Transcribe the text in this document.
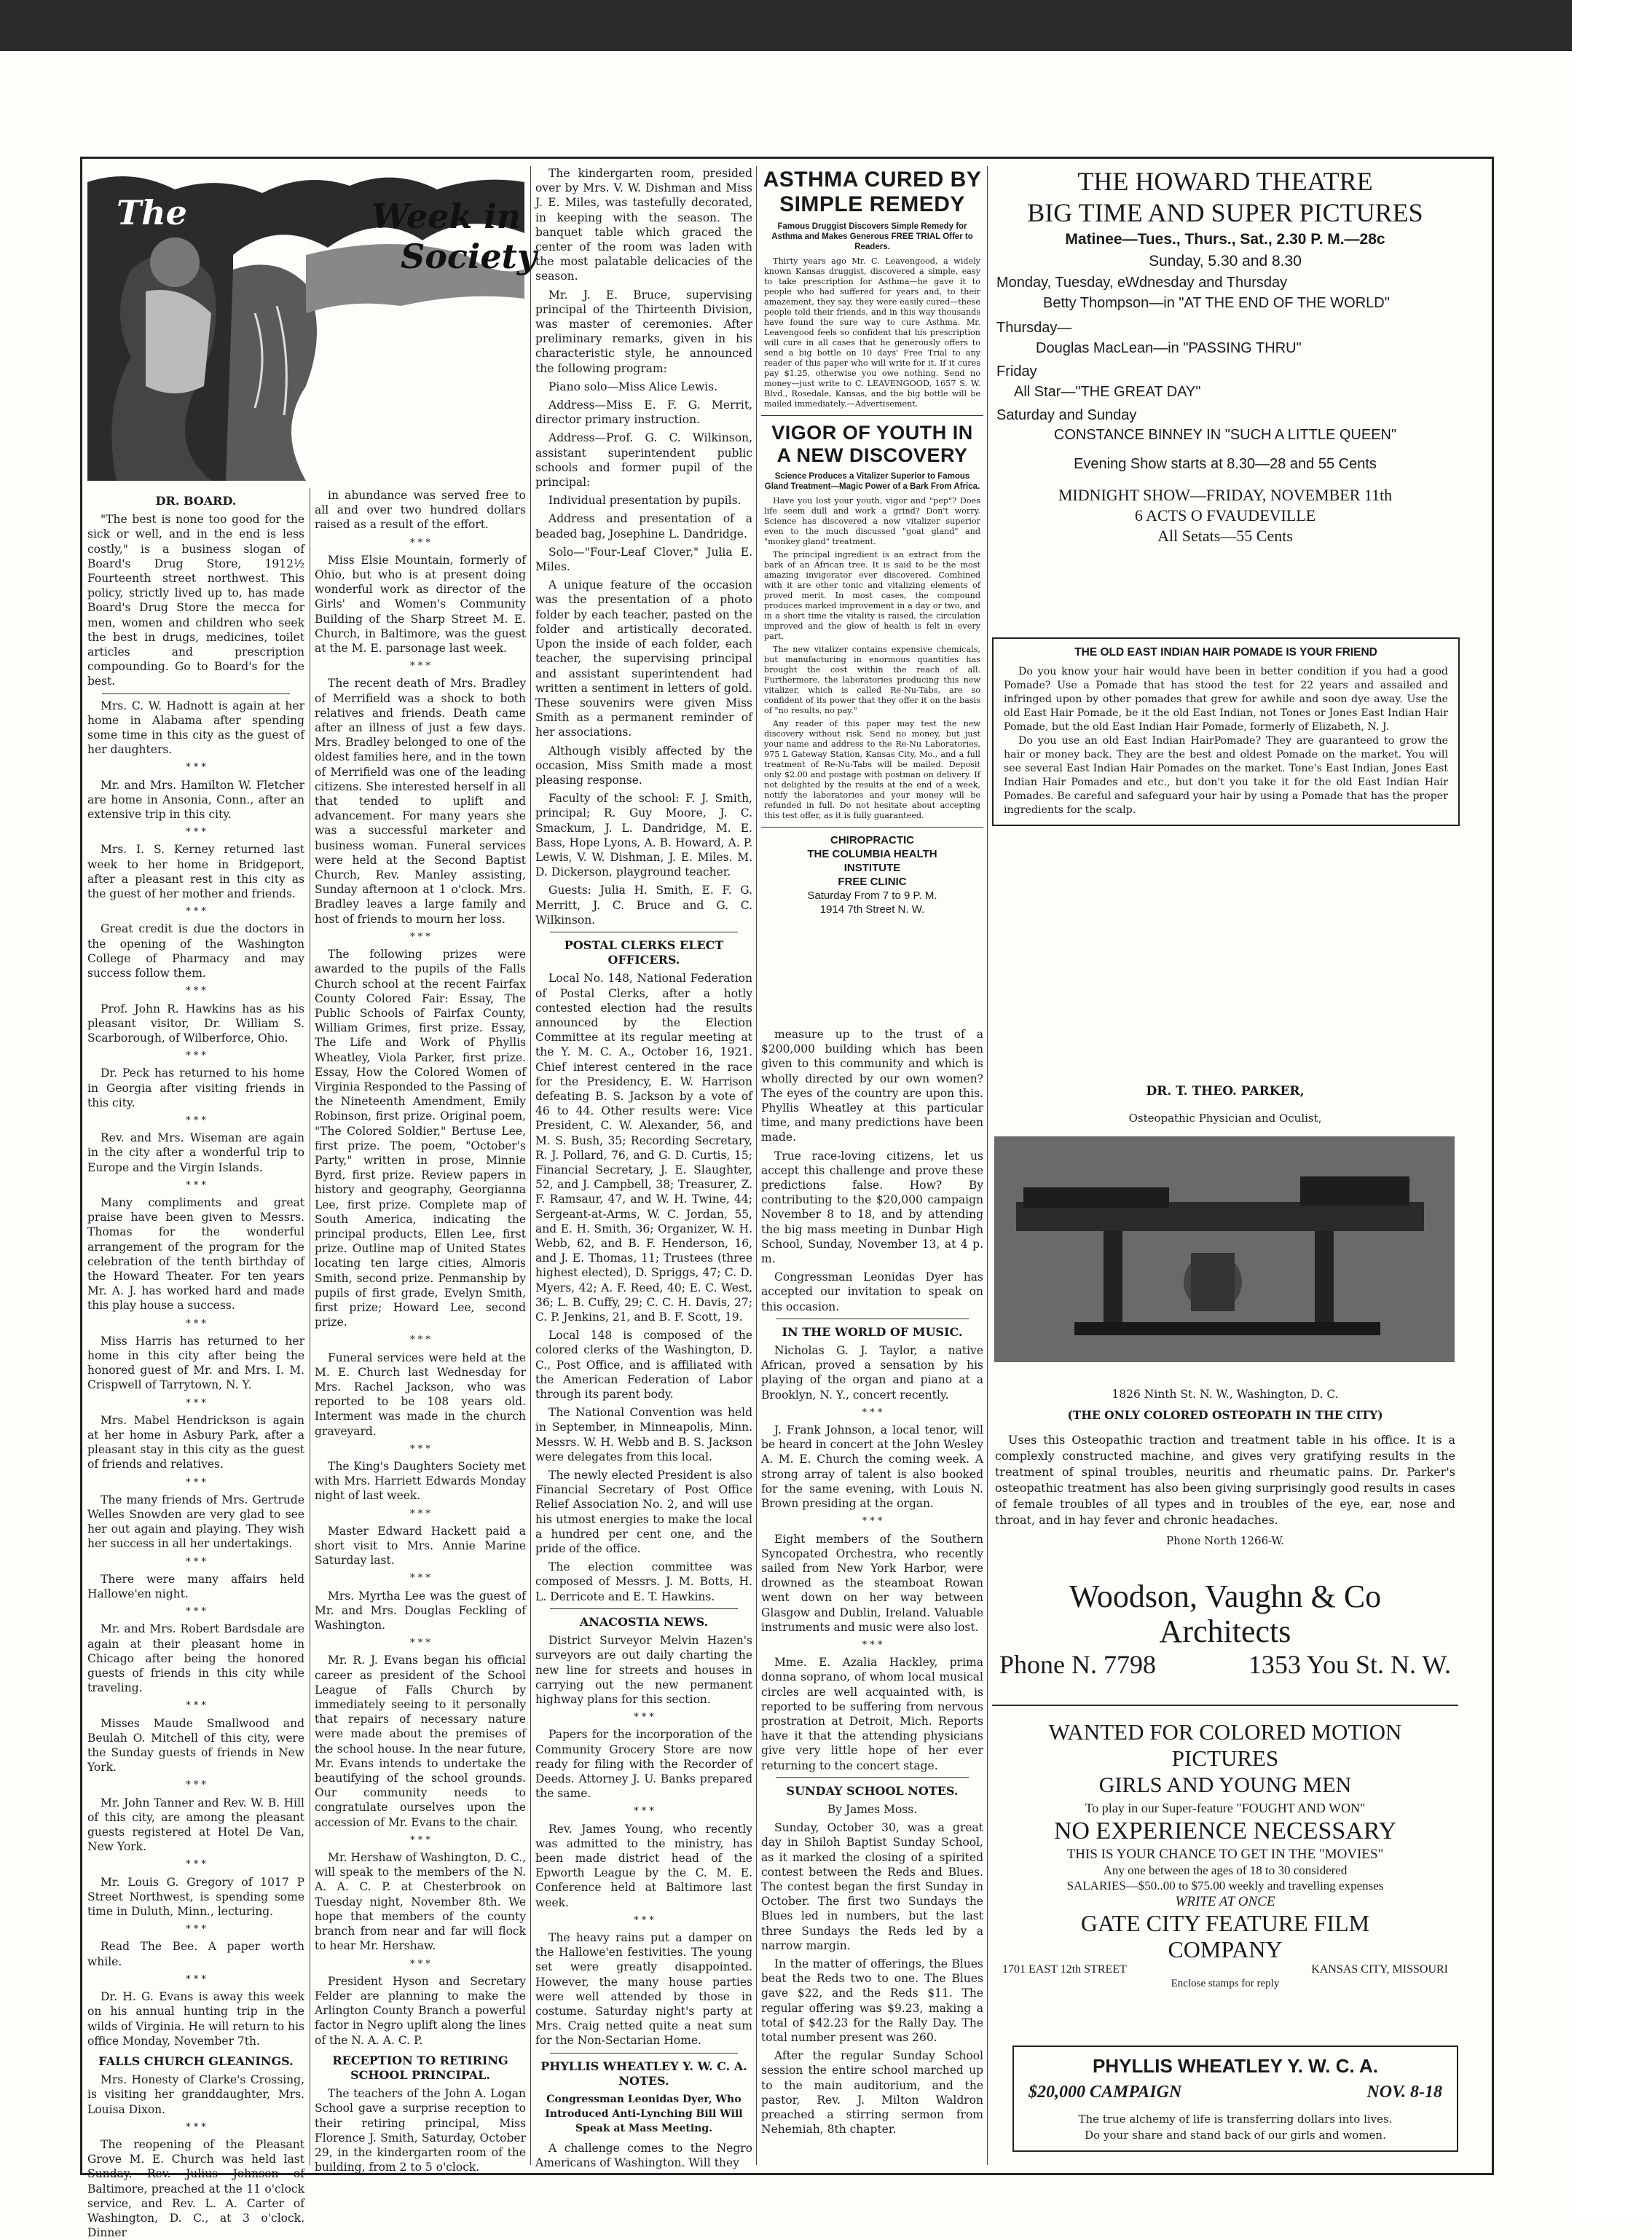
The	Week in
Society
DR. BOARD.

"The best is none too good for the sick or well, and in the end is less costly," is a business slogan of Board's Drug Store, 1912½ Fourteenth street northwest. This policy, strictly lived up to, has made Board's Drug Store the mecca for men, women and children who seek the best in drugs, medicines, toilet articles and prescription compounding. Go to Board's for the best.

Mrs. C. W. Hadnott is again at her home in Alabama after spending some time in this city as the guest of her daughters.

* * *

Mr. and Mrs. Hamilton W. Fletcher are home in Ansonia, Conn., after an extensive trip in this city.

* * *

Mrs. I. S. Kerney returned last week to her home in Bridgeport, after a pleasant rest in this city as the guest of her mother and friends.

* * *

Great credit is due the doctors in the opening of the Washington College of Pharmacy and may success follow them.

* * *

Prof. John R. Hawkins has as his pleasant visitor, Dr. William S. Scarborough, of Wilberforce, Ohio.

* * *

Dr. Peck has returned to his home in Georgia after visiting friends in this city.

* * *

Rev. and Mrs. Wiseman are again in the city after a wonderful trip to Europe and the Virgin Islands.

* * *

Many compliments and great praise have been given to Messrs. Thomas for the wonderful arrangement of the program for the celebration of the tenth birthday of the Howard Theater. For ten years Mr. A. J. has worked hard and made this play house a success.

* * *

Miss Harris has returned to her home in this city after being the honored guest of Mr. and Mrs. I. M. Crispwell of Tarrytown, N. Y.

* * *

Mrs. Mabel Hendrickson is again at her home in Asbury Park, after a pleasant stay in this city as the guest of friends and relatives.

* * *

The many friends of Mrs. Gertrude Welles Snowden are very glad to see her out again and playing. They wish her success in all her undertakings.

* * *

There were many affairs held Hallowe'en night.

* * *

Mr. and Mrs. Robert Bardsdale are again at their pleasant home in Chicago after being the honored guests of friends in this city while traveling.

* * *

Misses Maude Smallwood and Beulah O. Mitchell of this city, were the Sunday guests of friends in New York.

* * *

Mr. John Tanner and Rev. W. B. Hill of this city, are among the pleasant guests registered at Hotel De Van, New York.

* * *

Mr. Louis G. Gregory of 1017 P Street Northwest, is spending some time in Duluth, Minn., lecturing.

* * *

Read The Bee. A paper worth while.

* * *

Dr. H. G. Evans is away this week on his annual hunting trip in the wilds of Virginia. He will return to his office Monday, November 7th.

FALLS CHURCH GLEANINGS.

Mrs. Honesty of Clarke's Crossing, is visiting her granddaughter, Mrs. Louisa Dixon.

* * *

The reopening of the Pleasant Grove M. E. Church was held last Sunday. Rev. Julius Johnson of Baltimore, preached at the 11 o'clock service, and Rev. L. A. Carter of Washington, D. C., at 3 o'clock. Dinner

in abundance was served free to all and over two hundred dollars raised as a result of the effort.

* * *

Miss Elsie Mountain, formerly of Ohio, but who is at present doing wonderful work as director of the Girls' and Women's Community Building of the Sharp Street M. E. Church, in Baltimore, was the guest at the M. E. parsonage last week.

* * *

The recent death of Mrs. Bradley of Merrifield was a shock to both relatives and friends. Death came after an illness of just a few days. Mrs. Bradley belonged to one of the oldest families here, and in the town of Merrifield was one of the leading citizens. She interested herself in all that tended to uplift and advancement. For many years she was a successful marketer and business woman. Funeral services were held at the Second Baptist Church, Rev. Manley assisting, Sunday afternoon at 1 o'clock. Mrs. Bradley leaves a large family and host of friends to mourn her loss.

* * *

The following prizes were awarded to the pupils of the Falls Church school at the recent Fairfax County Colored Fair: Essay, The Public Schools of Fairfax County, William Grimes, first prize. Essay, The Life and Work of Phyllis Wheatley, Viola Parker, first prize. Essay, How the Colored Women of Virginia Responded to the Passing of the Nineteenth Amendment, Emily Robinson, first prize. Original poem, "The Colored Soldier," Bertuse Lee, first prize. The poem, "October's Party," written in prose, Minnie Byrd, first prize. Review papers in history and geography, Georgianna Lee, first prize. Complete map of South America, indicating the principal products, Ellen Lee, first prize. Outline map of United States locating ten large cities, Almoris Smith, second prize. Penmanship by pupils of first grade, Evelyn Smith, first prize; Howard Lee, second prize.

* * *

Funeral services were held at the M. E. Church last Wednesday for Mrs. Rachel Jackson, who was reported to be 108 years old. Interment was made in the church graveyard.

* * *

The King's Daughters Society met with Mrs. Harriett Edwards Monday night of last week.

* * *

Master Edward Hackett paid a short visit to Mrs. Annie Marine Saturday last.

* * *

Mrs. Myrtha Lee was the guest of Mr. and Mrs. Douglas Feckling of Washington.

* * *

Mr. R. J. Evans began his official career as president of the School League of Falls Church by immediately seeing to it personally that repairs of necessary nature were made about the premises of the school house. In the near future, Mr. Evans intends to undertake the beautifying of the school grounds. Our community needs to congratulate ourselves upon the accession of Mr. Evans to the chair.

* * *

Mr. Hershaw of Washington, D. C., will speak to the members of the N. A. A. C. P. at Chesterbrook on Tuesday night, November 8th. We hope that members of the county branch from near and far will flock to hear Mr. Hershaw.

* * *

President Hyson and Secretary Felder are planning to make the Arlington County Branch a powerful factor in Negro uplift along the lines of the N. A. A. C. P.

RECEPTION TO RETIRING SCHOOL PRINCIPAL.

The teachers of the John A. Logan School gave a surprise reception to their retiring principal, Miss Florence J. Smith, Saturday, October 29, in the kindergarten room of the building, from 2 to 5 o'clock.

The kindergarten room, presided over by Mrs. V. W. Dishman and Miss J. E. Miles, was tastefully decorated, in keeping with the season. The banquet table which graced the center of the room was laden with the most palatable delicacies of the season.

Mr. J. E. Bruce, supervising principal of the Thirteenth Division, was master of ceremonies. After preliminary remarks, given in his characteristic style, he announced the following program:

Piano solo—Miss Alice Lewis.

Address—Miss E. F. G. Merrit, director primary instruction.

Address—Prof. G. C. Wilkinson, assistant superintendent public schools and former pupil of the principal:

Individual presentation by pupils.

Address and presentation of a beaded bag, Josephine L. Dandridge.

Solo—"Four-Leaf Clover," Julia E. Miles.

A unique feature of the occasion was the presentation of a photo folder by each teacher, pasted on the folder and artistically decorated. Upon the inside of each folder, each teacher, the supervising principal and assistant superintendent had written a sentiment in letters of gold. These souvenirs were given Miss Smith as a permanent reminder of her associations.

Although visibly affected by the occasion, Miss Smith made a most pleasing response.

Faculty of the school: F. J. Smith, principal; R. Guy Moore, J. C. Smackum, J. L. Dandridge, M. E. Bass, Hope Lyons, A. B. Howard, A. P. Lewis, V. W. Dishman, J. E. Miles. M. D. Dickerson, playground teacher.

Guests: Julia H. Smith, E. F. G. Merritt, J. C. Bruce and G. C. Wilkinson.

POSTAL CLERKS ELECT OFFICERS.

Local No. 148, National Federation of Postal Clerks, after a hotly contested election had the results announced by the Election Committee at its regular meeting at the Y. M. C. A., October 16, 1921. Chief interest centered in the race for the Presidency, E. W. Harrison defeating B. S. Jackson by a vote of 46 to 44. Other results were: Vice President, C. W. Alexander, 56, and M. S. Bush, 35; Recording Secretary, R. J. Pollard, 76, and G. D. Curtis, 15; Financial Secretary, J. E. Slaughter, 52, and J. Campbell, 38; Treasurer, Z. F. Ramsaur, 47, and W. H. Twine, 44; Sergeant-at-Arms, W. C. Jordan, 55, and E. H. Smith, 36; Organizer, W. H. Webb, 62, and B. F. Henderson, 16, and J. E. Thomas, 11; Trustees (three highest elected), D. Spriggs, 47; C. D. Myers, 42; A. F. Reed, 40; E. C. West, 36; L. B. Cuffy, 29; C. C. H. Davis, 27; C. P. Jenkins, 21, and B. F. Scott, 19.

Local 148 is composed of the colored clerks of the Washington, D. C., Post Office, and is affiliated with the American Federation of Labor through its parent body.

The National Convention was held in September, in Minneapolis, Minn. Messrs. W. H. Webb and B. S. Jackson were delegates from this local.

The newly elected President is also Financial Secretary of Post Office Relief Association No. 2, and will use his utmost energies to make the local a hundred per cent one, and the pride of the office.

The election committee was composed of Messrs. J. M. Botts, H. L. Derricote and E. T. Hawkins.

ANACOSTIA NEWS.

District Surveyor Melvin Hazen's surveyors are out daily charting the new line for streets and houses in carrying out the new permanent highway plans for this section.

* * *

Papers for the incorporation of the Community Grocery Store are now ready for filing with the Recorder of Deeds. Attorney J. U. Banks prepared the same.

* * *

Rev. James Young, who recently was admitted to the ministry, has been made district head of the Epworth League by the C. M. E. Conference held at Baltimore last week.

* * *

The heavy rains put a damper on the Hallowe'en festivities. The young set were greatly disappointed. However, the many house parties were well attended by those in costume. Saturday night's party at Mrs. Craig netted quite a neat sum for the Non-Sectarian Home.

PHYLLIS WHEATLEY Y. W. C. A. NOTES.
Congressman Leonidas Dyer, Who Introduced Anti-Lynching Bill Will Speak at Mass Meeting.

A challenge comes to the Negro Americans of Washington. Will they

ASTHMA CURED BY
SIMPLE REMEDY
Famous Druggist Discovers Simple Remedy for Asthma and Makes Generous FREE TRIAL Offer to Readers.

Thirty years ago Mr. C. Leavengood, a widely known Kansas druggist, discovered a simple, easy to take prescription for Asthma—he gave it to people who had suffered for years and, to their amazement, they say, they were easily cured—these people told their friends, and in this way thousands have found the sure way to cure Asthma. Mr. Leavengood feels so confident that his prescription will cure in all cases that he generously offers to send a big bottle on 10 days' Free Trial to any reader of this paper who will write for it. If it cures pay $1.25, otherwise you owe nothing. Send no money—just write to C. LEAVENGOOD, 1657 S. W. Blvd., Rosedale, Kansas, and the big bottle will be mailed immediately.—Advertisement.

VIGOR OF YOUTH IN
A NEW DISCOVERY
Science Produces a Vitalizer Superior to Famous Gland Treatment—Magic Power of a Bark From Africa.

Have you lost your youth, vigor and "pep"? Does life seem dull and work a grind? Don't worry. Science has discovered a new vitalizer superior even to the much discussed "goat gland" and "monkey gland" treatment.

The principal ingredient is an extract from the bark of an African tree. It is said to be the most amazing invigorator ever discovered. Combined with it are other tonic and vitalizing elements of proved merit. In most cases, the compound produces marked improvement in a day or two, and in a short time the vitality is raised, the circulation improved and the glow of health is felt in every part.

The new vitalizer contains expensive chemicals, but manufacturing in enormous quantities has brought the cost within the reach of all. Furthermore, the laboratories producing this new vitalizer, which is called Re-Nu-Tabs, are so confident of its power that they offer it on the basis of "no results, no pay."

Any reader of this paper may test the new discovery without risk. Send no money, but just your name and address to the Re-Nu Laboratories, 975 L Gateway Station, Kansas City, Mo., and a full treatment of Re-Nu-Tabs will be mailed. Deposit only $2.00 and postage with postman on delivery. If not delighted by the results at the end of a week, notify the laboratories and your money will be refunded in full. Do not hesitate about accepting this test offer, as it is fully guaranteed.

CHIROPRACTIC
THE COLUMBIA HEALTH
INSTITUTE
FREE CLINIC
Saturday From 7 to 9 P. M.
1914 7th Street N. W.

measure up to the trust of a $200,000 building which has been given to this community and which is wholly directed by our own women? The eyes of the country are upon this. Phyllis Wheatley at this particular time, and many predictions have been made.

True race-loving citizens, let us accept this challenge and prove these predictions false. How? By contributing to the $20,000 campaign November 8 to 18, and by attending the big mass meeting in Dunbar High School, Sunday, November 13, at 4 p. m.

Congressman Leonidas Dyer has accepted our invitation to speak on this occasion.

IN THE WORLD OF MUSIC.

Nicholas G. J. Taylor, a native African, proved a sensation by his playing of the organ and piano at a Brooklyn, N. Y., concert recently.

* * *

J. Frank Johnson, a local tenor, will be heard in concert at the John Wesley A. M. E. Church the coming week. A strong array of talent is also booked for the same evening, with Louis N. Brown presiding at the organ.

* * *

Eight members of the Southern Syncopated Orchestra, who recently sailed from New York Harbor, were drowned as the steamboat Rowan went down on her way between Glasgow and Dublin, Ireland. Valuable instruments and music were also lost.

* * *

Mme. E. Azalia Hackley, prima donna soprano, of whom local musical circles are well acquainted with, is reported to be suffering from nervous prostration at Detroit, Mich. Reports have it that the attending physicians give very little hope of her ever returning to the concert stage.

SUNDAY SCHOOL NOTES.

By James Moss.

Sunday, October 30, was a great day in Shiloh Baptist Sunday School, as it marked the closing of a spirited contest between the Reds and Blues. The contest began the first Sunday in October. The first two Sundays the Blues led in numbers, but the last three Sundays the Reds led by a narrow margin.

In the matter of offerings, the Blues beat the Reds two to one. The Blues gave $22, and the Reds $11. The regular offering was $9.23, making a total of $42.23 for the Rally Day. The total number present was 260.

After the regular Sunday School session the entire school marched up to the main auditorium, and the pastor, Rev. J. Milton Waldron preached a stirring sermon from Nehemiah, 8th chapter.

THE HOWARD THEATRE
BIG TIME AND SUPER PICTURES
Matinee—Tues., Thurs., Sat., 2.30 P. M.—28c
Sunday, 5.30 and 8.30
Monday, Tuesday, eWdnesday and Thursday
Betty Thompson—in "AT THE END OF THE WORLD"
Thursday—
Douglas MacLean—in "PASSING THRU"
Friday
All Star—"THE GREAT DAY"
Saturday and Sunday
CONSTANCE BINNEY IN "SUCH A LITTLE QUEEN"
Evening Show starts at 8.30—28 and 55 Cents
MIDNIGHT SHOW—FRIDAY, NOVEMBER 11th
6 ACTS O FVAUDEVILLE
All Setats—55 Cents
THE OLD EAST INDIAN HAIR POMADE IS YOUR FRIEND

Do you know your hair would have been in better condition if you had a good Pomade? Use a Pomade that has stood the test for 22 years and assailed and infringed upon by other pomades that grew for awhile and soon dye away. Use the old East Hair Pomade, be it the old East Indian, not Tones or Jones East Indian Hair Pomade, but the old East Indian Hair Pomade, formerly of Elizabeth, N. J.

Do you use an old East Indian HairPomade? They are guaranteed to grow the hair or money back. They are the best and oldest Pomade on the market. You will see several East Indian Hair Pomades on the market. Tone's East Indian, Jones East Indian Hair Pomades and etc., but don't you take it for the old East Indian Hair Pomades. Be careful and safeguard your hair by using a Pomade that has the proper ingredients for the scalp.

DR. T. THEO. PARKER,
Osteopathic Physician and Oculist,
1826 Ninth St. N. W., Washington, D. C.
(THE ONLY COLORED OSTEOPATH IN THE CITY)

Uses this Osteopathic traction and treatment table in his office. It is a complexly constructed machine, and gives very gratifying results in the treatment of spinal troubles, neuritis and rheumatic pains. Dr. Parker's osteopathic treatment has also been giving surprisingly good results in cases of female troubles of all types and in troubles of the eye, ear, nose and throat, and in hay fever and chronic headaches.

Phone North 1266-W.
Woodson, Vaughn & Co
Architects
Phone N. 7798	1353 You St. N. W.
WANTED FOR COLORED MOTION
PICTURES
GIRLS AND YOUNG MEN
To play in our Super-feature "FOUGHT AND WON"
NO EXPERIENCE NECESSARY
THIS IS YOUR CHANCE TO GET IN THE "MOVIES"
Any one between the ages of 18 to 30 considered
SALARIES—$50..00 to $75.00 weekly and travelling expenses
WRITE AT ONCE
GATE CITY FEATURE FILM
COMPANY
1701 EAST 12th STREET	KANSAS CITY, MISSOURI
Enclose stamps for reply
PHYLLIS WHEATLEY Y. W. C. A.
$20,000 CAMPAIGN	NOV. 8-18
The true alchemy of life is transferring dollars into lives.
Do your share and stand back of our girls and women.
